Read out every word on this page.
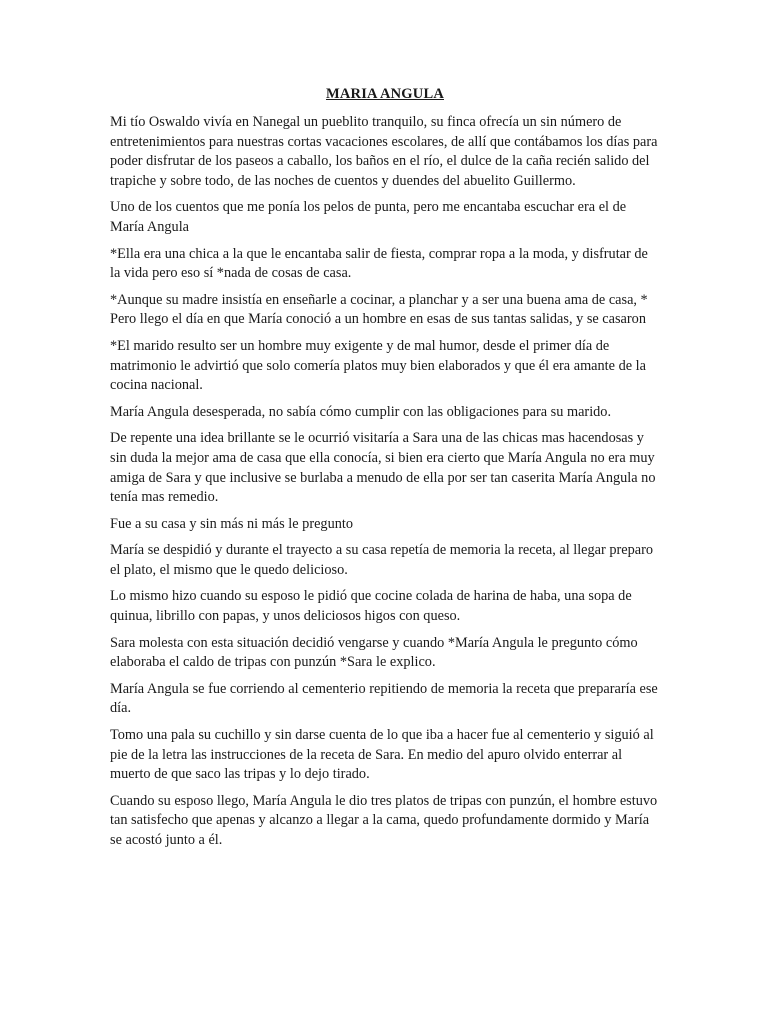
MARIA ANGULA

Mi tío Oswaldo vivía en Nanegal un pueblito tranquilo, su finca ofrecía un sin número de entretenimientos para nuestras cortas vacaciones escolares, de allí que contábamos los días para poder disfrutar de los paseos a caballo, los baños en el río, el dulce de la caña recién salido del trapiche y sobre todo, de las noches de cuentos y duendes del abuelito Guillermo.

Uno de los cuentos que me ponía los pelos de punta, pero me encantaba escuchar era el de María Angula

*Ella era una chica a la que le encantaba salir de fiesta, comprar ropa a la moda, y disfrutar de la vida pero eso sí *nada de cosas de casa.

*Aunque su madre insistía en enseñarle a cocinar, a planchar y a ser una buena ama de casa, * Pero llego el día en que María conoció a un hombre en esas de sus tantas salidas, y se casaron

*El marido resulto ser un hombre muy exigente y de mal humor, desde el primer día de matrimonio le advirtió que solo comería platos muy bien elaborados y que él era amante de la cocina nacional.

María Angula desesperada, no sabía cómo cumplir con las obligaciones para su marido.

De repente una idea brillante se le ocurrió visitaría a Sara una de las chicas mas hacendosas y sin duda la mejor ama de casa que ella conocía, si bien era cierto que María Angula no era muy amiga de Sara y que inclusive se burlaba a menudo de ella por ser tan caserita María Angula no tenía mas remedio.

Fue a su casa y sin más ni más le pregunto

María se despidió y durante el trayecto a su casa repetía de memoria la receta, al llegar preparo el plato, el mismo que le quedo delicioso.

Lo mismo hizo cuando su esposo le pidió que cocine colada de harina de haba, una sopa de quinua, librillo con papas, y unos deliciosos higos con queso.

Sara molesta con esta situación decidió vengarse y cuando *María Angula le pregunto cómo elaboraba el caldo de tripas con punzún *Sara le explico.

María Angula se fue corriendo al cementerio repitiendo de memoria la receta que prepararía ese día.

Tomo una pala su cuchillo y sin darse cuenta de lo que iba a hacer fue al cementerio y siguió al pie de la letra las instrucciones de la receta de Sara. En medio del apuro olvido enterrar al muerto de que saco las tripas y lo dejo tirado.

Cuando su esposo llego, María Angula le dio tres platos de tripas con punzún, el hombre estuvo tan satisfecho que apenas y alcanzo a llegar a la cama, quedo profundamente dormido y María se acostó junto a él.
